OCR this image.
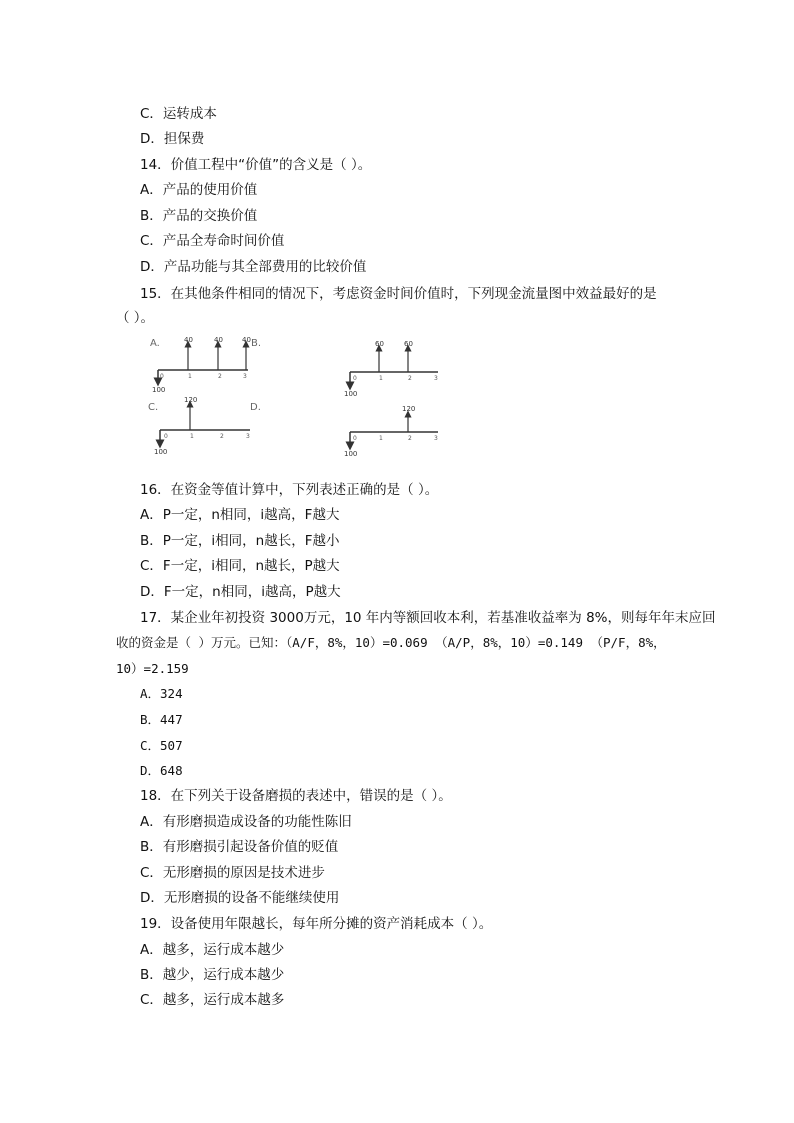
C．运转成本
D．担保费
14．价值工程中“价值”的含义是（ ）。
A．产品的使用价值
B．产品的交换价值
C．产品全寿命时间价值
D．产品功能与其全部费用的比较价值
15．在其他条件相同的情况下，考虑资金时间价值时，下列现金流量图中效益最好的是
（ ）。
A.
100
40	40	40
0	1	2	3
B.
100
60	60
0	1	2	3
C.
100
120
0	1	2	3
D.
100
120
0	1	2	3
16．在资金等值计算中，下列表述正确的是（ ）。
A．P一定，n相同，i越高，F越大
B．P一定，i相同，n越长，F越小
C．F一定，i相同，n越长，P越大
D．F一定，n相同，i越高，P越大
17．某企业年初投资 3000万元，10 年内等额回收本利，若基准收益率为 8%，则每年年末应回
收的资金是（ ）万元。已知：（A/F，8%，10）=0.069 （A/P，8%，10）=0.149 （P/F，8%，
10）=2.159
A．324
B．447
C．507
D．648
18．在下列关于设备磨损的表述中，错误的是（ ）。
A．有形磨损造成设备的功能性陈旧
B．有形磨损引起设备价值的贬值
C．无形磨损的原因是技术进步
D．无形磨损的设备不能继续使用
19．设备使用年限越长，每年所分摊的资产消耗成本（ ）。
A．越多，运行成本越少
B．越少，运行成本越少
C．越多，运行成本越多
